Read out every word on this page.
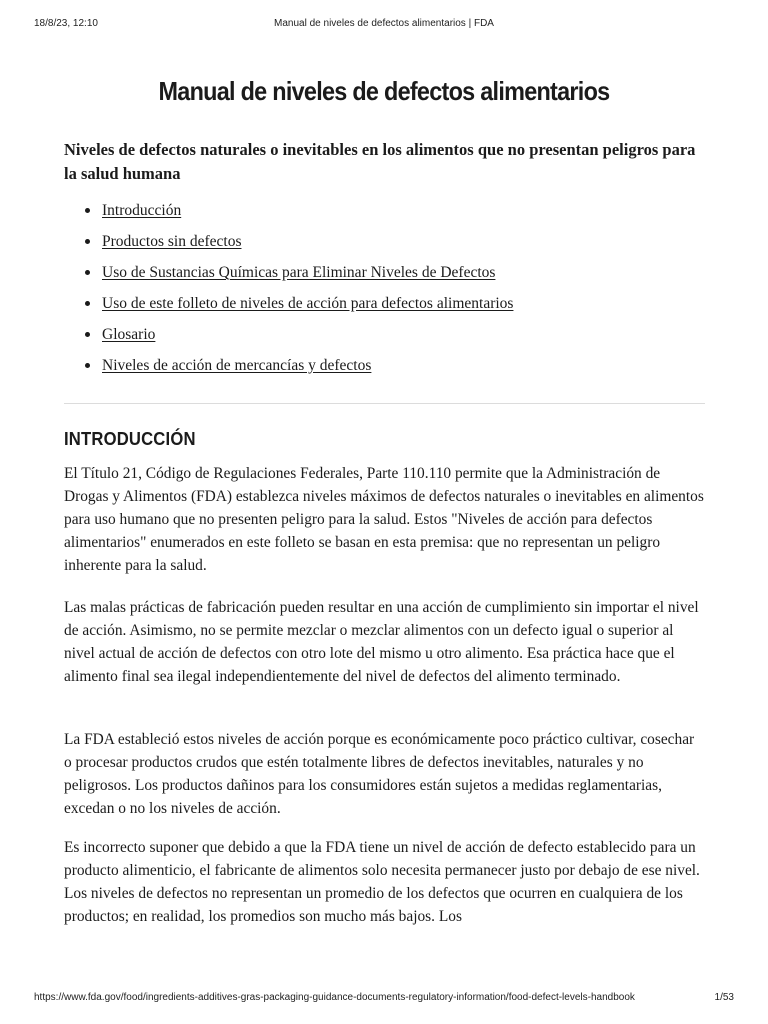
18/8/23, 12:10	Manual de niveles de defectos alimentarios | FDA
Manual de niveles de defectos alimentarios

Niveles de defectos naturales o inevitables en los alimentos que no presentan peligros para la salud humana

Introducción
Productos sin defectos
Uso de Sustancias Químicas para Eliminar Niveles de Defectos
Uso de este folleto de niveles de acción para defectos alimentarios
Glosario
Niveles de acción de mercancías y defectos
INTRODUCCIÓN

El Título 21, Código de Regulaciones Federales, Parte 110.110 permite que la Administración de Drogas y Alimentos (FDA) establezca niveles máximos de defectos naturales o inevitables en alimentos para uso humano que no presenten peligro para la salud. Estos "Niveles de acción para defectos alimentarios" enumerados en este folleto se basan en esta premisa: que no representan un peligro inherente para la salud.

Las malas prácticas de fabricación pueden resultar en una acción de cumplimiento sin importar el nivel de acción. Asimismo, no se permite mezclar o mezclar alimentos con un defecto igual o superior al nivel actual de acción de defectos con otro lote del mismo u otro alimento. Esa práctica hace que el alimento final sea ilegal independientemente del nivel de defectos del alimento terminado.

La FDA estableció estos niveles de acción porque es económicamente poco práctico cultivar, cosechar o procesar productos crudos que estén totalmente libres de defectos inevitables, naturales y no peligrosos. Los productos dañinos para los consumidores están sujetos a medidas reglamentarias, excedan o no los niveles de acción.

Es incorrecto suponer que debido a que la FDA tiene un nivel de acción de defecto establecido para un producto alimenticio, el fabricante de alimentos solo necesita permanecer justo por debajo de ese nivel. Los niveles de defectos no representan un promedio de los defectos que ocurren en cualquiera de los productos; en realidad, los promedios son mucho más bajos. Los

https://www.fda.gov/food/ingredients-additives-gras-packaging-guidance-documents-regulatory-information/food-defect-levels-handbook	1/53
